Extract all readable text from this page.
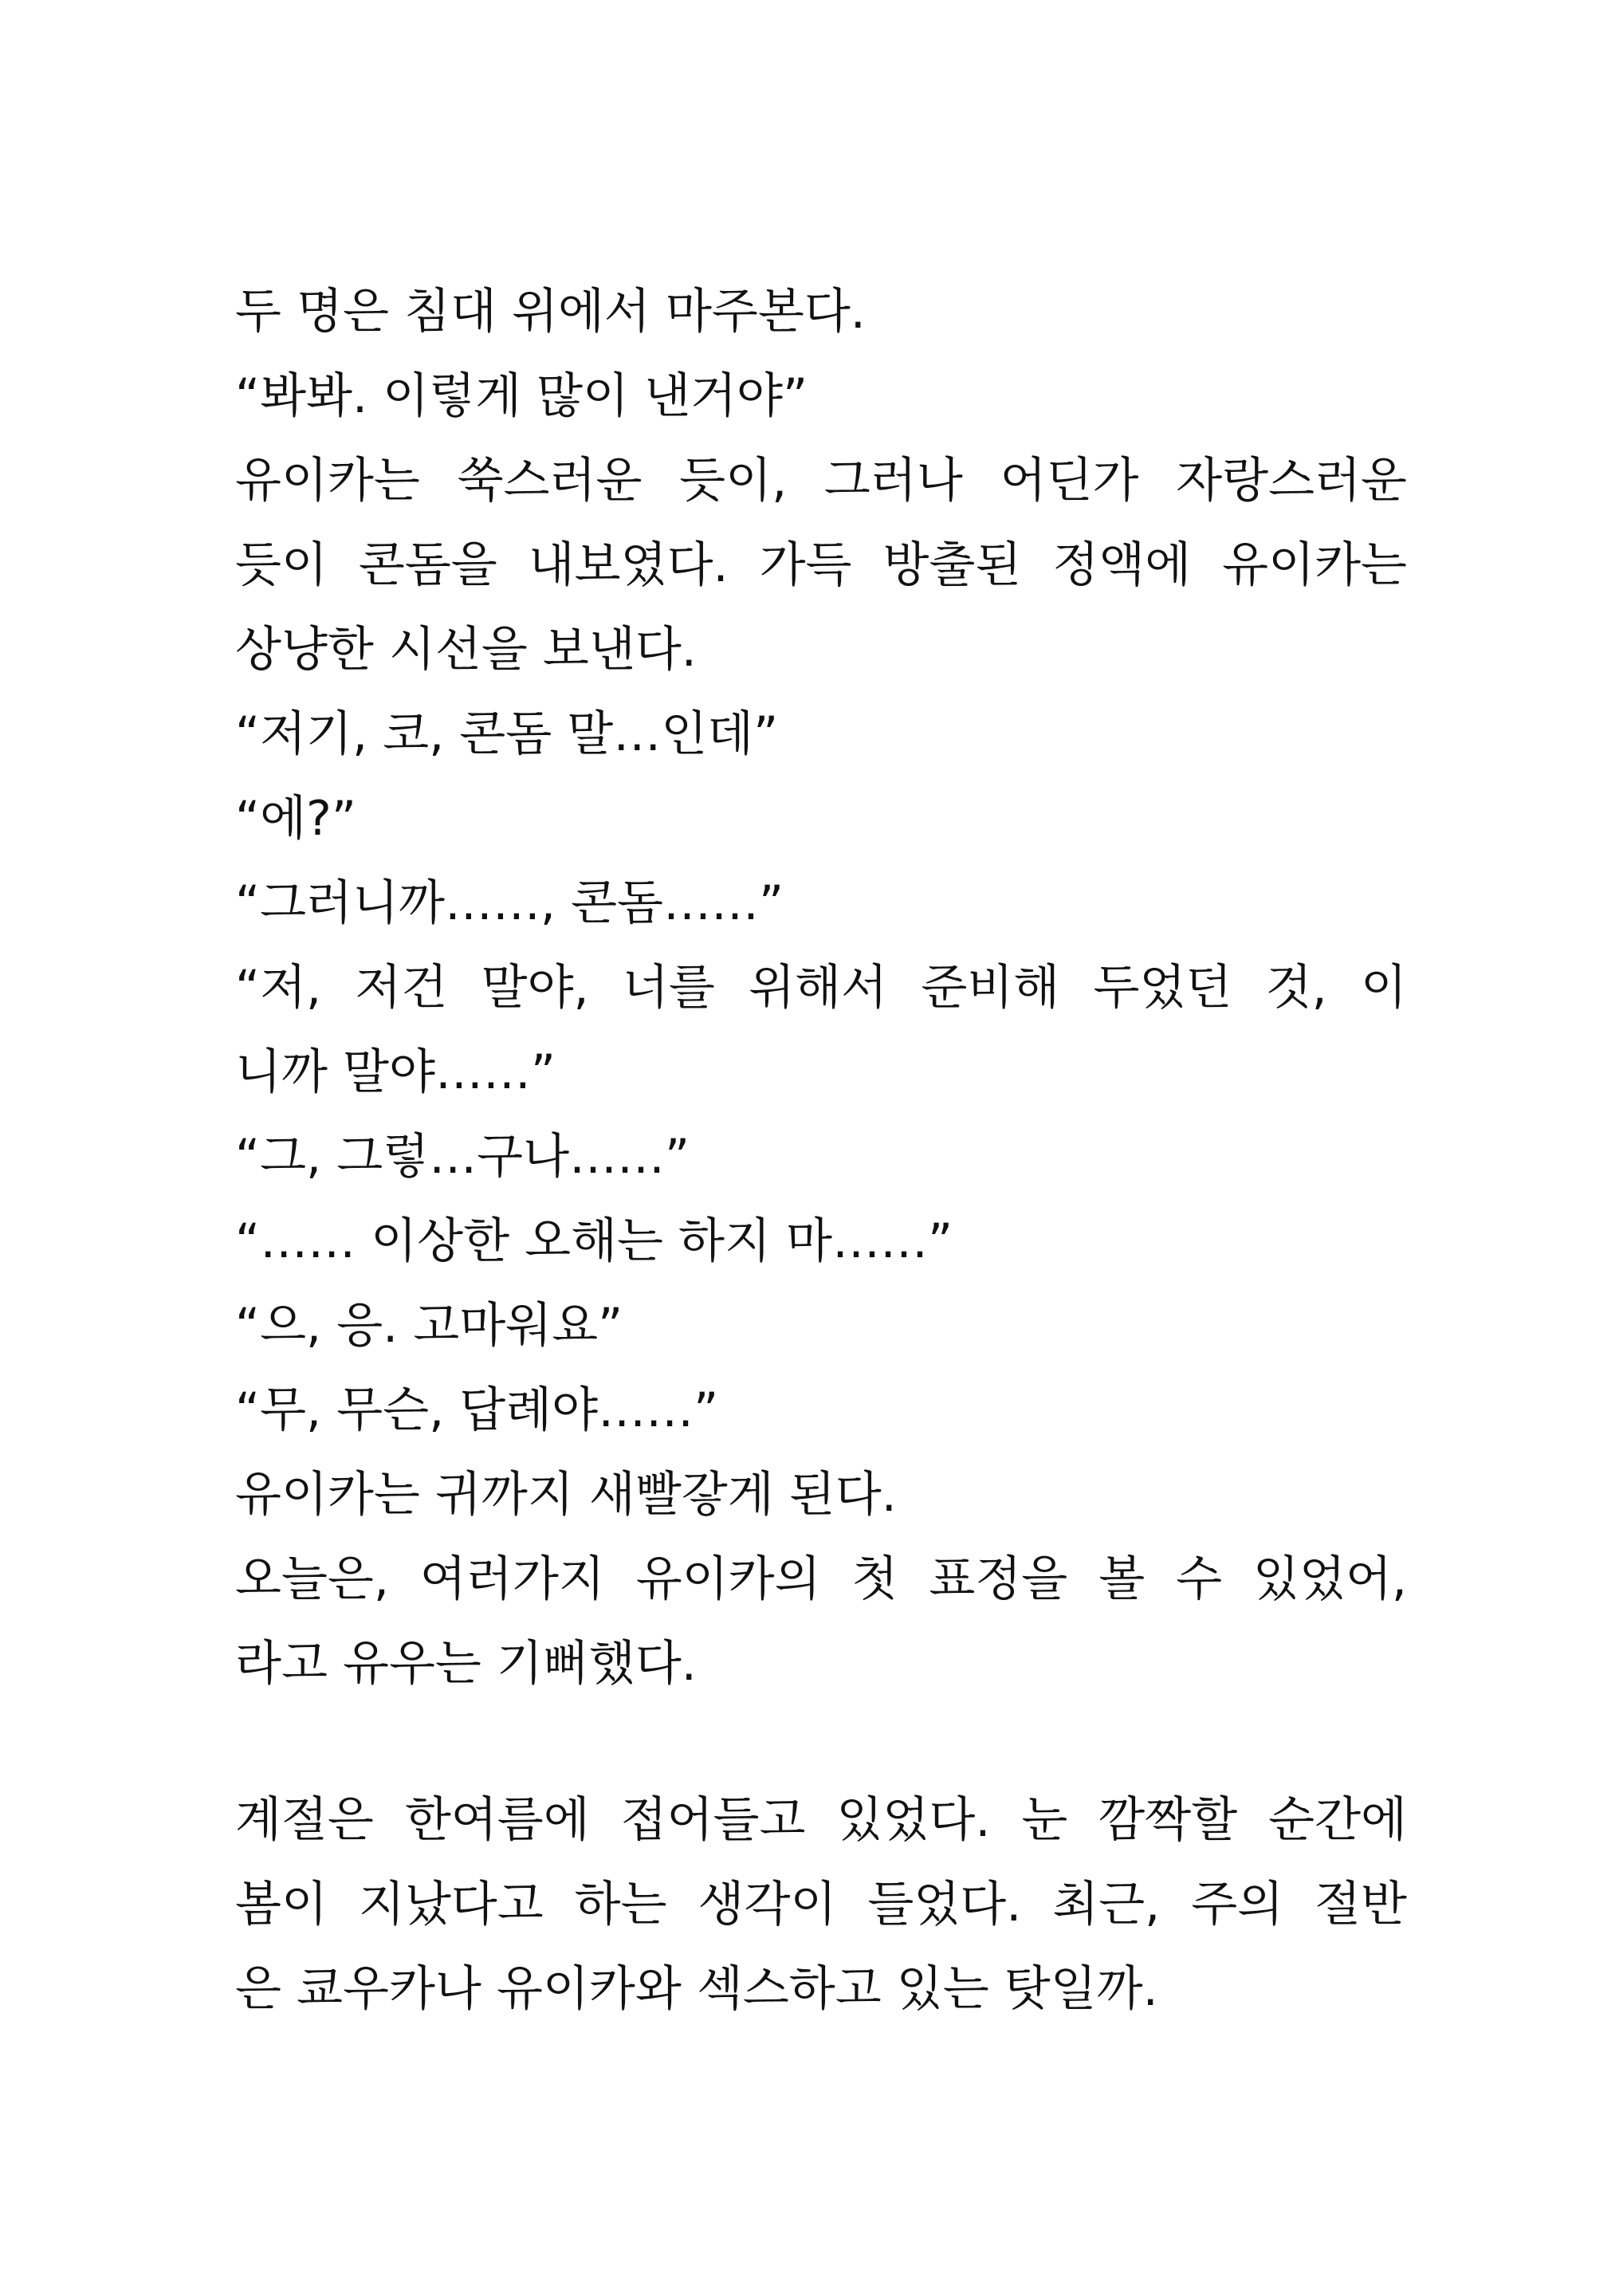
두 명은 침대 위에서 마주본다.
“봐봐. 이렇게 많이 낸거야”
유이카는 쑥스러운 듯이, 그러나 어딘가 자랑스러운
듯이 콘돔을 내보였다. 가득 방출된 정액에 유이카는
상냥한 시선을 보낸다.
“저기, 코, 콘돔 말…인데”
“에?”
“그러니까……, 콘돔……”
“저, 저건 말야, 너를 위해서 준비해 두었던 것, 이
니까 말야……”
“그, 그렇…구나……”
“…… 이상한 오해는 하지 마……”
“으, 응. 고마워요”
“무, 무슨, 답례야……”
유이카는 귀까지 새빨갛게 된다.
오늘은, 여러가지 유이카의 첫 표정을 볼 수 있었어,
라고 유우는 기뻐했다.
계절은 한여름에 접어들고 있었다. 눈 깜짝할 순간에
봄이 지났다고 하는 생각이 들었다. 최근, 주의 절반
은 쿄우카나 유이카와 섹스하고 있는 탓일까.
